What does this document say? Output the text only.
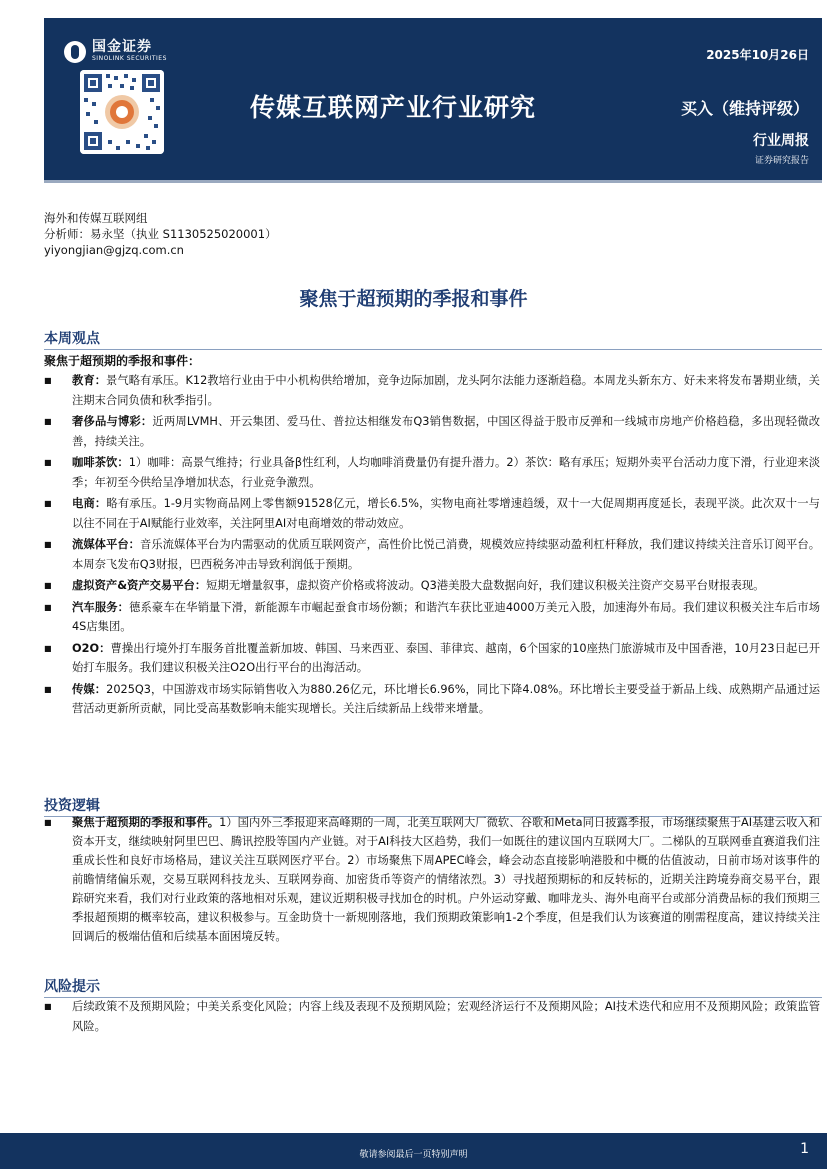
国金证券
SINOLINK SECURITIES	2025年10月26日
传媒互联网产业行业研究	买入（维持评级）
行业周报
证券研究报告
海外和传媒互联网组
分析师：易永坚（执业 S1130525020001）
yiyongjian@gjzq.com.cn
聚焦于超预期的季报和事件
本周观点
聚焦于超预期的季报和事件：
■	教育：景气略有承压。K12教培行业由于中小机构供给增加，竞争边际加剧，龙头阿尔法能力逐渐趋稳。本周龙头新东方、好未来将发布暑期业绩，关注期末合同负债和秋季指引。
■	奢侈品与博彩：近两周LVMH、开云集团、爱马仕、普拉达相继发布Q3销售数据，中国区得益于股市反弹和一线城市房地产价格趋稳，多出现轻微改善，持续关注。
■	咖啡茶饮：1）咖啡：高景气维持；行业具备β性红利，人均咖啡消费量仍有提升潜力。2）茶饮：略有承压；短期外卖平台活动力度下滑，行业迎来淡季；年初至今供给呈净增加状态，行业竞争激烈。
■	电商：略有承压。1-9月实物商品网上零售额91528亿元，增长6.5%，实物电商社零增速趋缓，双十一大促周期再度延长，表现平淡。此次双十一与以往不同在于AI赋能行业效率，关注阿里AI对电商增效的带动效应。
■	流媒体平台：音乐流媒体平台为内需驱动的优质互联网资产，高性价比悦己消费，规模效应持续驱动盈利杠杆释放，我们建议持续关注音乐订阅平台。本周奈飞发布Q3财报，巴西税务冲击导致利润低于预期。
■	虚拟资产&资产交易平台：短期无增量叙事，虚拟资产价格或将波动。Q3港美股大盘数据向好，我们建议积极关注资产交易平台财报表现。
■	汽车服务：德系豪车在华销量下滑，新能源车市崛起蚕食市场份额；和谐汽车获比亚迪4000万美元入股，加速海外布局。我们建议积极关注车后市场4S店集团。
■	O2O：曹操出行境外打车服务首批覆盖新加坡、韩国、马来西亚、泰国、菲律宾、越南，6个国家的10座热门旅游城市及中国香港，10月23日起已开始打车服务。我们建议积极关注O2O出行平台的出海活动。
■	传媒：2025Q3，中国游戏市场实际销售收入为880.26亿元，环比增长6.96%，同比下降4.08%。环比增长主要受益于新品上线、成熟期产品通过运营活动更新所贡献，同比受高基数影响未能实现增长。关注后续新品上线带来增量。
投资逻辑
■	聚焦于超预期的季报和事件。1）国内外三季报迎来高峰期的一周，北美互联网大厂微软、谷歌和Meta同日披露季报，市场继续聚焦于AI基建云收入和资本开支，继续映射阿里巴巴、腾讯控股等国内产业链。对于AI科技大区趋势，我们一如既往的建议国内互联网大厂。二梯队的互联网垂直赛道我们注重成长性和良好市场格局，建议关注互联网医疗平台。2）市场聚焦下周APEC峰会，峰会动态直接影响港股和中概的估值波动，日前市场对该事件的前瞻情绪偏乐观，交易互联网科技龙头、互联网券商、加密货币等资产的情绪浓烈。3）寻找超预期标的和反转标的，近期关注跨境券商交易平台，跟踪研究来看，我们对行业政策的落地相对乐观，建议近期积极寻找加仓的时机。户外运动穿戴、咖啡龙头、海外电商平台或部分消费品标的我们预期三季报超预期的概率较高，建议积极参与。互金助贷十一新规刚落地，我们预期政策影响1-2个季度，但是我们认为该赛道的刚需程度高，建议持续关注回调后的极端估值和后续基本面困境反转。
风险提示
■	后续政策不及预期风险；中美关系变化风险；内容上线及表现不及预期风险；宏观经济运行不及预期风险；AI技术迭代和应用不及预期风险；政策监管风险。
敬请参阅最后一页特别声明	1
